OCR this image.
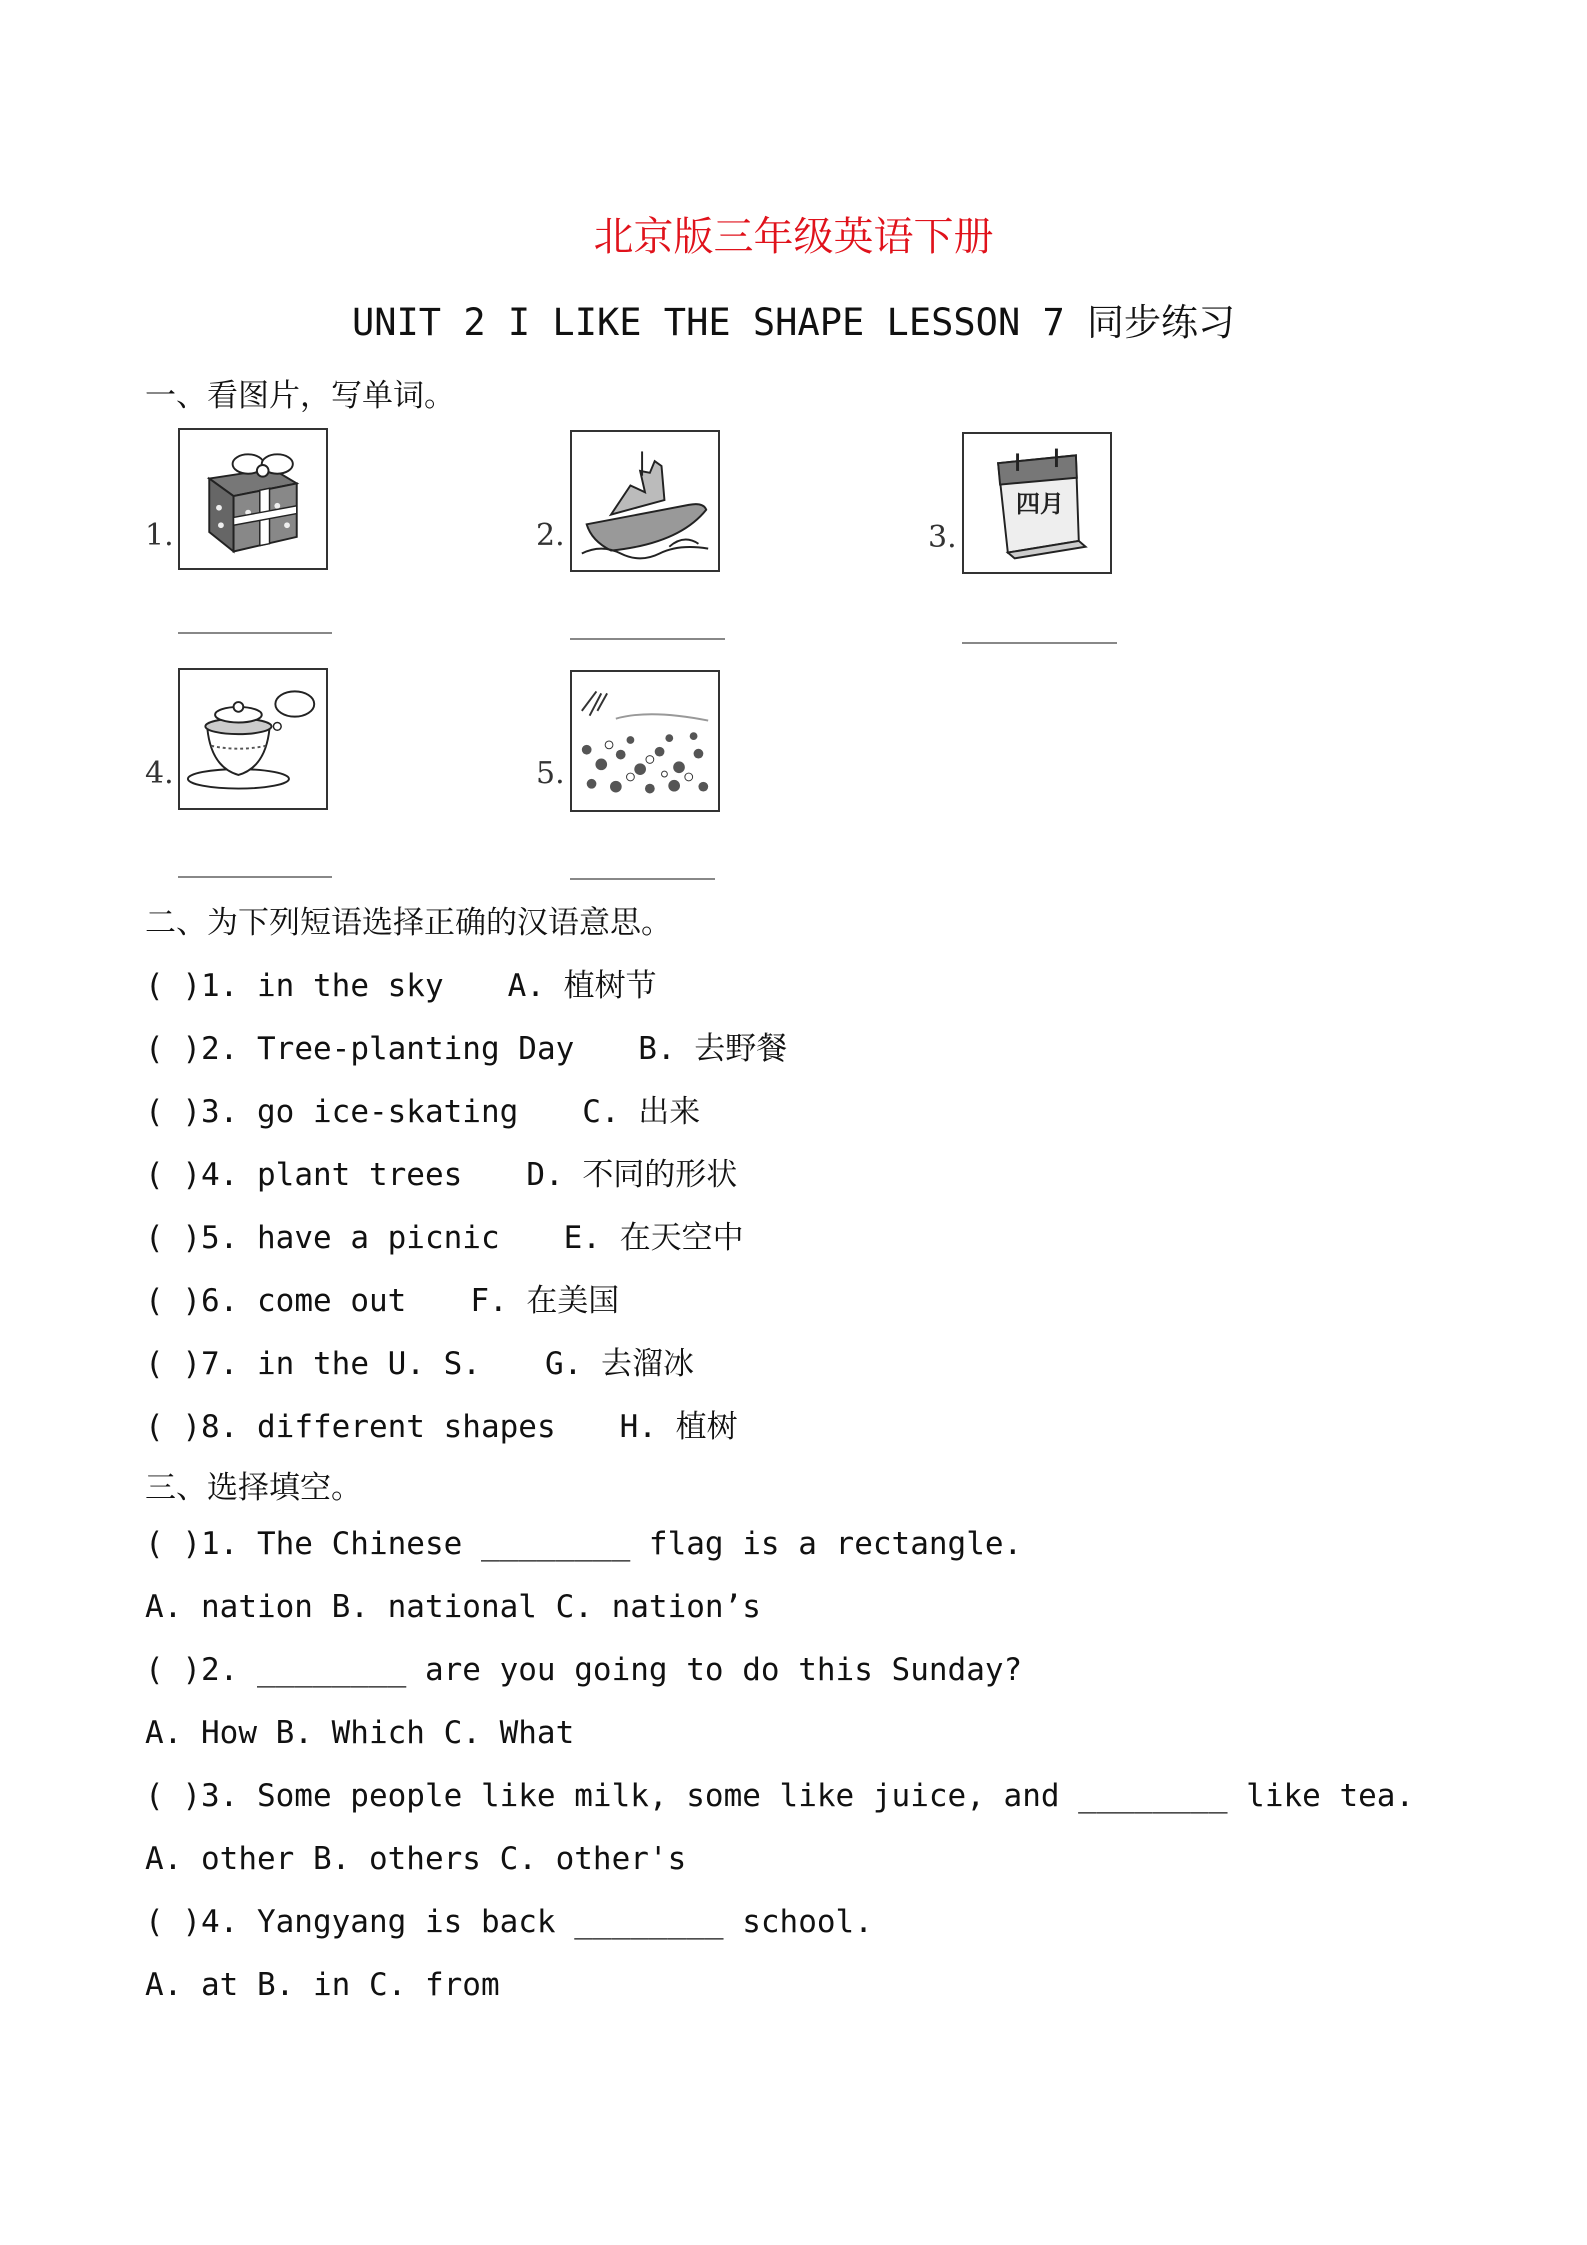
北京版三年级英语下册
UNIT 2 I LIKE THE SHAPE LESSON 7 同步练习
一、看图片，写单词。
1.	2.	3.
四月
4.	5.
二、为下列短语选择正确的汉语意思。
( )1. in the sky A. 植树节
( )2. Tree-planting Day B. 去野餐
( )3. go ice-skating C. 出来
( )4. plant trees D. 不同的形状
( )5. have a picnic E. 在天空中
( )6. come out F. 在美国
( )7. in the U. S. G. 去溜冰
( )8. different shapes H. 植树
三、选择填空。
( )1. The Chinese ________ flag is a rectangle.
A. nation B. national C. nation’s
( )2. ________ are you going to do this Sunday?
A. How B. Which C. What
( )3. Some people like milk, some like juice, and ________ like tea.
A. other B. others C. other's
( )4. Yangyang is back ________ school.
A. at B. in C. from
